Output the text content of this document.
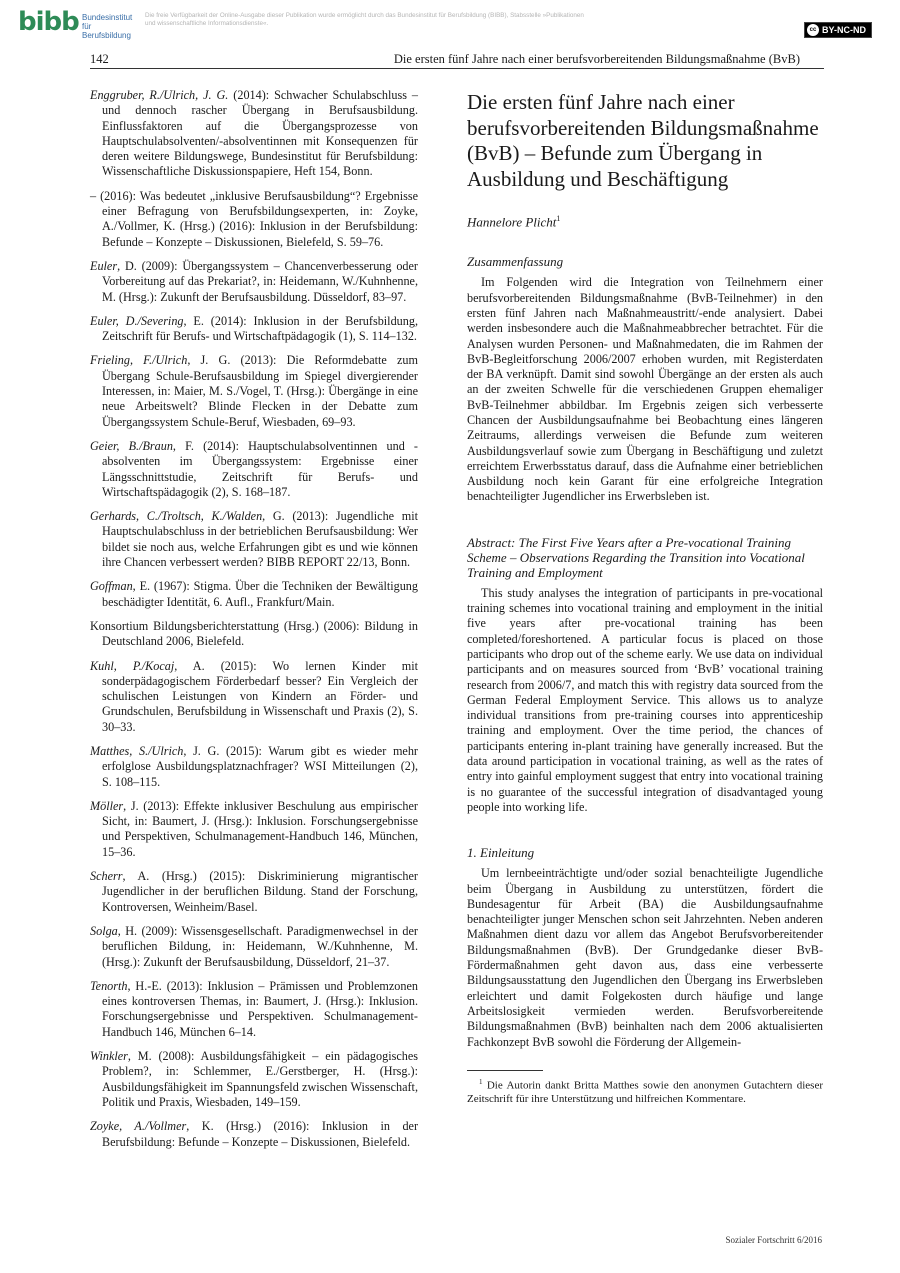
bibb Bundesinstitut für Berufsbildung
Die freie Verfügbarkeit der Online-Ausgabe dieser Publikation wurde ermöglicht durch das Bundesinstitut für Berufsbildung (BIBB), Stabsstelle »Publikationen und wissenschaftliche Informationsdienste«.
cc BY-NC-ND
142	Die ersten fünf Jahre nach einer berufsvorbereitenden Bildungsmaßnahme (BvB)

Enggruber, R./Ulrich, J. G. (2014): Schwacher Schulabschluss – und dennoch rascher Übergang in Berufsausbildung. Einflussfaktoren auf die Übergangsprozesse von Hauptschulabsolventen/-absolventinnen mit Konsequenzen für deren weitere Bildungswege, Bundesinstitut für Berufsbildung: Wissenschaftliche Diskussionspapiere, Heft 154, Bonn.

– (2016): Was bedeutet „inklusive Berufsausbildung“? Ergebnisse einer Befragung von Berufsbildungsexperten, in: Zoyke, A./Vollmer, K. (Hrsg.) (2016): Inklusion in der Berufsbildung: Befunde – Konzepte – Diskussionen, Bielefeld, S. 59–76.

Euler, D. (2009): Übergangssystem – Chancenverbesserung oder Vorbereitung auf das Prekariat?, in: Heidemann, W./Kuhnhenne, M. (Hrsg.): Zukunft der Berufsausbildung. Düsseldorf, 83–97.

Euler, D./Severing, E. (2014): Inklusion in der Berufsbildung, Zeitschrift für Berufs- und Wirtschaftpädagogik (1), S. 114–132.

Frieling, F./Ulrich, J. G. (2013): Die Reformdebatte zum Übergang Schule-Berufsausbildung im Spiegel divergierender Interessen, in: Maier, M. S./Vogel, T. (Hrsg.): Übergänge in eine neue Arbeitswelt? Blinde Flecken in der Debatte zum Übergangssystem Schule-Beruf, Wiesbaden, 69–93.

Geier, B./Braun, F. (2014): Hauptschulabsolventinnen und -absolventen im Übergangssystem: Ergebnisse einer Längsschnittstudie, Zeitschrift für Berufs- und Wirtschaftspädagogik (2), S. 168–187.

Gerhards, C./Troltsch, K./Walden, G. (2013): Jugendliche mit Hauptschulabschluss in der betrieblichen Berufsausbildung: Wer bildet sie noch aus, welche Erfahrungen gibt es und wie können ihre Chancen verbessert werden? BIBB REPORT 22/13, Bonn.

Goffman, E. (1967): Stigma. Über die Techniken der Bewältigung beschädigter Identität, 6. Aufl., Frankfurt/Main.

Konsortium Bildungsberichterstattung (Hrsg.) (2006): Bildung in Deutschland 2006, Bielefeld.

Kuhl, P./Kocaj, A. (2015): Wo lernen Kinder mit sonderpädagogischem Förderbedarf besser? Ein Vergleich der schulischen Leistungen von Kindern an Förder- und Grundschulen, Berufsbildung in Wissenschaft und Praxis (2), S. 30–33.

Matthes, S./Ulrich, J. G. (2015): Warum gibt es wieder mehr erfolglose Ausbildungsplatznachfrager? WSI Mitteilungen (2), S. 108–115.

Möller, J. (2013): Effekte inklusiver Beschulung aus empirischer Sicht, in: Baumert, J. (Hrsg.): Inklusion. Forschungsergebnisse und Perspektiven, Schulmanagement-Handbuch 146, München, 15–36.

Scherr, A. (Hrsg.) (2015): Diskriminierung migrantischer Jugendlicher in der beruflichen Bildung. Stand der Forschung, Kontroversen, Weinheim/Basel.

Solga, H. (2009): Wissensgesellschaft. Paradigmenwechsel in der beruflichen Bildung, in: Heidemann, W./Kuhnhenne, M. (Hrsg.): Zukunft der Berufsausbildung, Düsseldorf, 21–37.

Tenorth, H.-E. (2013): Inklusion – Prämissen und Problemzonen eines kontroversen Themas, in: Baumert, J. (Hrsg.): Inklusion. Forschungsergebnisse und Perspektiven. Schulmanagement-Handbuch 146, München 6–14.

Winkler, M. (2008): Ausbildungsfähigkeit – ein pädagogisches Problem?, in: Schlemmer, E./Gerstberger, H. (Hrsg.): Ausbildungsfähigkeit im Spannungsfeld zwischen Wissenschaft, Politik und Praxis, Wiesbaden, 149–159.

Zoyke, A./Vollmer, K. (Hrsg.) (2016): Inklusion in der Berufsbildung: Befunde – Konzepte – Diskussionen, Bielefeld.

Die ersten fünf Jahre nach einer berufsvorbereitenden Bildungsmaßnahme (BvB) – Befunde zum Übergang in Ausbildung und Beschäftigung

Hannelore Plicht$^1$

Zusammenfassung

Im Folgenden wird die Integration von Teilnehmern einer berufsvorbereitenden Bildungsmaßnahme (BvB-Teilnehmer) in den ersten fünf Jahren nach Maßnahmeaustritt/-ende analysiert. Dabei werden insbesondere auch die Maßnahmeabbrecher betrachtet. Für die Analysen wurden Personen- und Maßnahmedaten, die im Rahmen der BvB-Begleitforschung 2006/2007 erhoben wurden, mit Registerdaten der BA verknüpft. Damit sind sowohl Übergänge an der ersten als auch an der zweiten Schwelle für die verschiedenen Gruppen ehemaliger BvB-Teilnehmer abbildbar. Im Ergebnis zeigen sich verbesserte Chancen der Ausbildungsaufnahme bei Beobachtung eines längeren Zeitraums, allerdings verweisen die Befunde zum weiteren Ausbildungsverlauf sowie zum Übergang in Beschäftigung und zuletzt erreichtem Erwerbsstatus darauf, dass die Aufnahme einer betrieblichen Ausbildung noch kein Garant für eine erfolgreiche Integration benachteiligter Jugendlicher ins Erwerbsleben ist.

Abstract: The First Five Years after a Pre-vocational Training Scheme – Observations Regarding the Transition into Vocational Training and Employment

This study analyses the integration of participants in pre-vocational training schemes into vocational training and employment in the initial five years after pre-vocational training has been completed/foreshortened. A particular focus is placed on those participants who drop out of the scheme early. We use data on individual participants and on measures sourced from ‘BvB’ vocational training research from 2006/7, and match this with registry data sourced from the German Federal Employment Service. This allows us to analyze individual transitions from pre-training courses into apprenticeship training and employment. Over the time period, the chances of participants entering in-plant training have generally increased. But the data around participation in vocational training, as well as the rates of entry into gainful employment suggest that entry into vocational training is no guarantee of the successful integration of disadvantaged young people into working life.

1. Einleitung

Um lernbeeinträchtigte und/oder sozial benachteiligte Jugendliche beim Übergang in Ausbildung zu unterstützen, fördert die Bundesagentur für Arbeit (BA) die Ausbildungsaufnahme benachteiligter junger Menschen schon seit Jahrzehnten. Neben anderen Maßnahmen dient dazu vor allem das Angebot Berufsvorbereitender Bildungsmaßnahmen (BvB). Der Grundgedanke dieser BvB-Fördermaßnahmen geht davon aus, dass eine verbesserte Bildungsausstattung den Jugendlichen den Übergang ins Erwerbsleben erleichtert und damit Folgekosten durch häufige und lange Arbeitslosigkeit vermieden werden. Berufsvorbereitende Bildungsmaßnahmen (BvB) beinhalten nach dem 2006 aktualisierten Fachkonzept BvB sowohl die Förderung der Allgemein-

$^1$ Die Autorin dankt Britta Matthes sowie den anonymen Gutachtern dieser Zeitschrift für ihre Unterstützung und hilfreichen Kommentare.

Sozialer Fortschritt 6/2016
